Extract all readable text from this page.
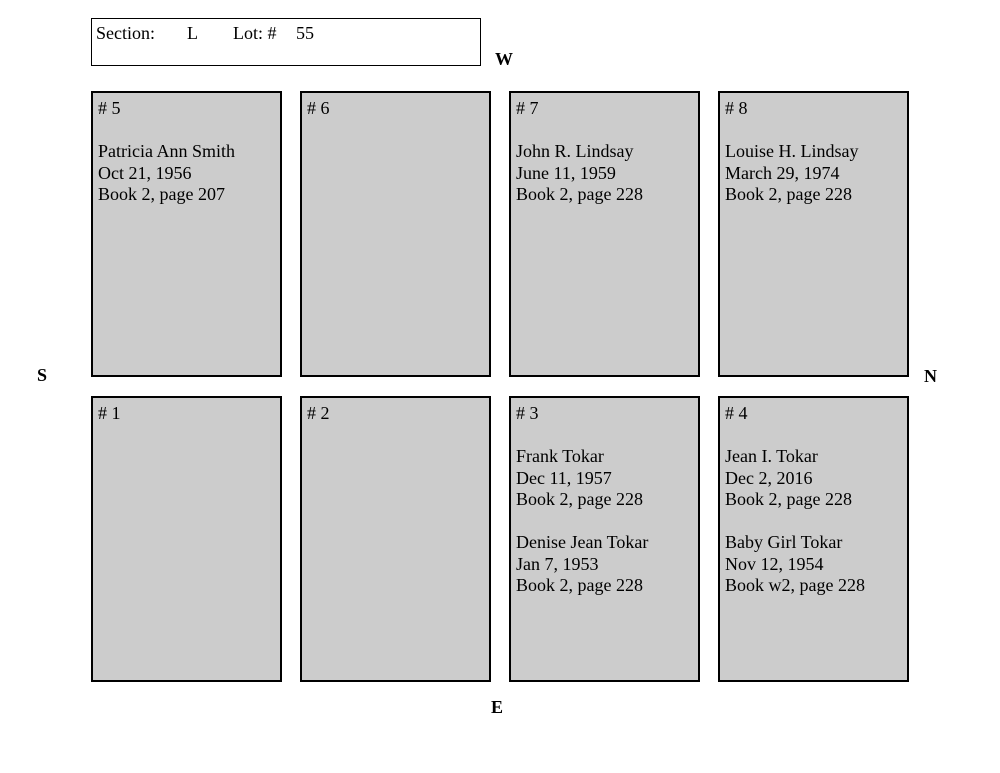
Section: L Lot: # 55
W
S	N
E
# 5
Patricia Ann Smith
Oct 21, 1956
Book 2, page 207
# 6	# 7
John R. Lindsay
June 11, 1959
Book 2, page 228
# 8
Louise H. Lindsay
March 29, 1974
Book 2, page 228
# 1	# 2	# 3
Frank Tokar
Dec 11, 1957
Book 2, page 228
Denise Jean Tokar
Jan 7, 1953
Book 2, page 228
# 4
Jean I. Tokar
Dec 2, 2016
Book 2, page 228
Baby Girl Tokar
Nov 12, 1954
Book w2, page 228
